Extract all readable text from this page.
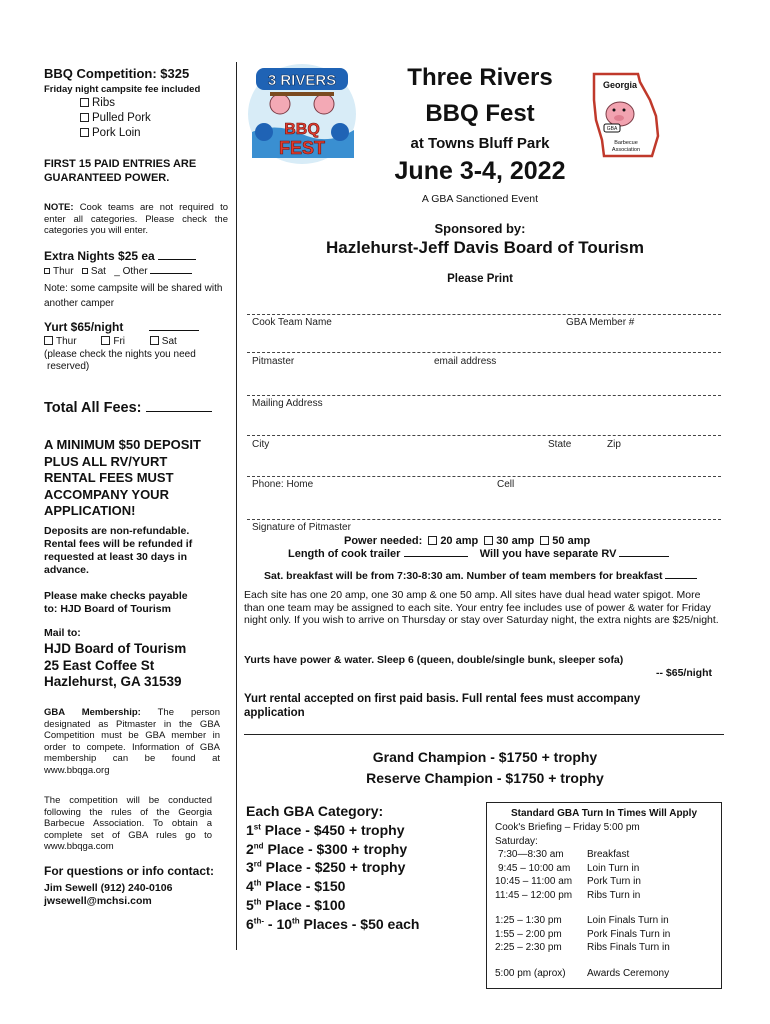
BBQ Competition: $325
Friday night campsite fee included
Ribs
Pulled Pork
Pork Loin
FIRST 15 PAID ENTRIES ARE
GUARANTEED POWER.
NOTE: Cook teams are not required to enter all categories. Please check the categories you will enter.
Extra Nights $25 ea
Thur Sat _ Other
Note: some campsite will be shared with another camper
Yurt $65/night
Thur	Fri	Sat
(please check the nights you need
reserved)
Total All Fees:
A MINIMUM $50 DEPOSIT
PLUS ALL RV/YURT
RENTAL FEES MUST
ACCOMPANY YOUR
APPLICATION!
Deposits are non-refundable.
Rental fees will be refunded if
requested at least 30 days in
advance.
Please make checks payable
to: HJD Board of Tourism
Mail to:
HJD Board of Tourism
25 East Coffee St
Hazlehurst, GA 31539
GBA Membership: The person designated as Pitmaster in the GBA Competition must be GBA member in order to compete. Information of GBA membership can be found at www.bbqga.org
The competition will be conducted following the rules of the Georgia Barbecue Association. To obtain a complete set of GBA rules go to www.bbqga.com
For questions or info contact:
Jim Sewell (912) 240-0106
jwsewell@mchsi.com
3 RIVERS
BBQ
FEST
Georgia
GBA
Barbecue
Association
Three Rivers
BBQ Fest
at Towns Bluff Park
June 3-4, 2022
A GBA Sanctioned Event
Sponsored by:
Hazlehurst-Jeff Davis Board of Tourism
Please Print
Cook Team Name	GBA Member #
Pitmaster	email address
Mailing Address
City	State	Zip
Phone: Home	Cell
Signature of Pitmaster
Power needed: 20 amp 30 amp 50 amp
Length of cook trailer	Will you have separate RV
Sat. breakfast will be from 7:30-8:30 am. Number of team members for breakfast
Each site has one 20 amp, one 30 amp & one 50 amp. All sites have dual head water spigot. More than one team may be assigned to each site. Your entry fee includes use of power & water for Friday night only. If you wish to arrive on Thursday or stay over Saturday night, the extra nights are $25/night.
Yurts have power & water. Sleep 6 (queen, double/single bunk, sleeper sofa)
-- $65/night
Yurt rental accepted on first paid basis. Full rental fees must accompany
application
Grand Champion - $1750 + trophy
Reserve Champion - $1750 + trophy
Each GBA Category:
1st Place - $450 + trophy
2nd Place - $300 + trophy
3rd Place - $250 + trophy
4th Place - $150
5th Place - $100
$6^{th-} - 10th$ Places - $50 each
Standard GBA Turn In Times Will Apply
Cook's Briefing – Friday 5:00 pm
Saturday:
7:30—8:30 am	Breakfast
9:45 – 10:00 am	Loin Turn in
10:45 – 11:00 am	Pork Turn in
11:45 – 12:00 pm	Ribs Turn in
1:25 – 1:30 pm	Loin Finals Turn in
1:55 – 2:00 pm	Pork Finals Turn in
2:25 – 2:30 pm	Ribs Finals Turn in
5:00 pm (aprox)	Awards Ceremony
